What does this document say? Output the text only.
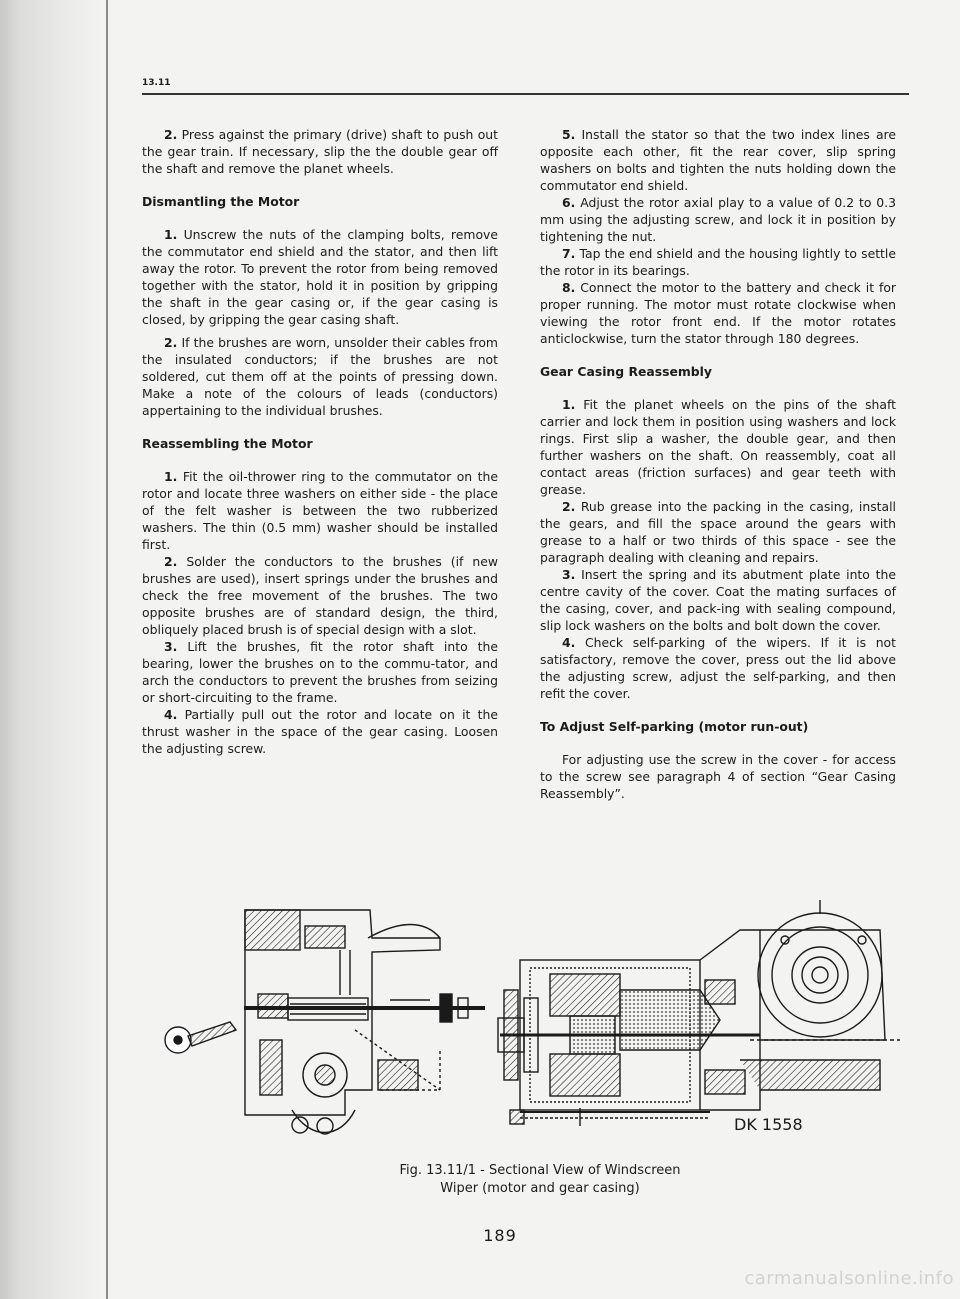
13.11

2. Press against the primary (drive) shaft to push out the gear train. If necessary, slip the the double gear off the shaft and remove the planet wheels.

Dismantling the Motor

1. Unscrew the nuts of the clamping bolts, remove the commutator end shield and the stator, and then lift away the rotor. To prevent the rotor from being removed together with the stator, hold it in position by gripping the shaft in the gear casing or, if the gear casing is closed, by gripping the gear casing shaft.

2. If the brushes are worn, unsolder their cables from the insulated conductors; if the brushes are not soldered, cut them off at the points of pressing down. Make a note of the colours of leads (conductors) appertaining to the individual brushes.

Reassembling the Motor

1. Fit the oil-thrower ring to the commutator on the rotor and locate three washers on either side - the place of the felt washer is between the two rubberized washers. The thin (0.5 mm) washer should be installed first.

2. Solder the conductors to the brushes (if new brushes are used), insert springs under the brushes and check the free movement of the brushes. The two opposite brushes are of standard design, the third, obliquely placed brush is of special design with a slot.

3. Lift the brushes, fit the rotor shaft into the bearing, lower the brushes on to the commu-tator, and arch the conductors to prevent the brushes from seizing or short-circuiting to the frame.

4. Partially pull out the rotor and locate on it the thrust washer in the space of the gear casing. Loosen the adjusting screw.

5. Install the stator so that the two index lines are opposite each other, fit the rear cover, slip spring washers on bolts and tighten the nuts holding down the commutator end shield.

6. Adjust the rotor axial play to a value of 0.2 to 0.3 mm using the adjusting screw, and lock it in position by tightening the nut.

7. Tap the end shield and the housing lightly to settle the rotor in its bearings.

8. Connect the motor to the battery and check it for proper running. The motor must rotate clockwise when viewing the rotor front end. If the motor rotates anticlockwise, turn the stator through 180 degrees.

Gear Casing Reassembly

1. Fit the planet wheels on the pins of the shaft carrier and lock them in position using washers and lock rings. First slip a washer, the double gear, and then further washers on the shaft. On reassembly, coat all contact areas (friction surfaces) and gear teeth with grease.

2. Rub grease into the packing in the casing, install the gears, and fill the space around the gears with grease to a half or two thirds of this space - see the paragraph dealing with cleaning and repairs.

3. Insert the spring and its abutment plate into the centre cavity of the cover. Coat the mating surfaces of the casing, cover, and pack-ing with sealing compound, slip lock washers on the bolts and bolt down the cover.

4. Check self-parking of the wipers. If it is not satisfactory, remove the cover, press out the lid above the adjusting screw, adjust the self-parking, and then refit the cover.

To Adjust Self-parking (motor run-out)

For adjusting use the screw in the cover - for access to the screw see paragraph 4 of section “Gear Casing Reassembly”.

DK 1558
Fig. 13.11/1 - Sectional View of Windscreen
Wiper (motor and gear casing)
189
carmanualsonline.info
